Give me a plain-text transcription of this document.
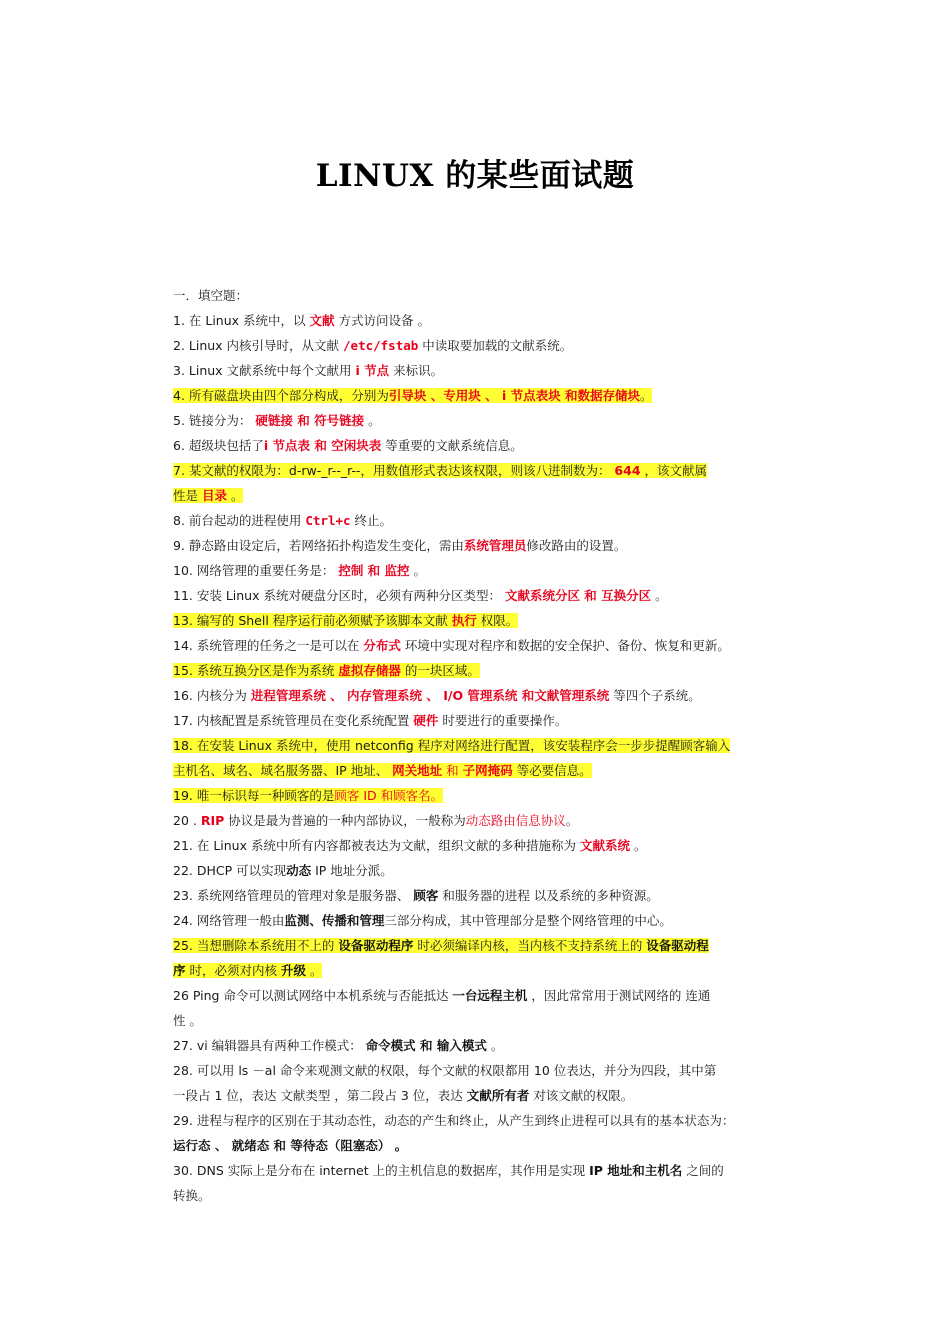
LINUX 的某些面试题
一．填空题：
1. 在 Linux 系统中，以 文献 方式访问设备 。
2. Linux 内核引导时，从文献 /etc/fstab 中读取要加载的文献系统。
3. Linux 文献系统中每个文献用 i 节点 来标识。
4. 所有磁盘块由四个部分构成，分别为引导块 、专用块 、 i 节点表块 和数据存储块。
5. 链接分为： 硬链接 和 符号链接 。
6. 超级块包括了i 节点表 和 空闲块表 等重要的文献系统信息。
7. 某文献的权限为：d-rw-_r--_r--，用数值形式表达该权限，则该八进制数为： 644 ，该文献属
性是 目录 。
8. 前台起动的进程使用 Ctrl+c 终止。
9. 静态路由设定后，若网络拓扑构造发生变化，需由系统管理员修改路由的设置。
10. 网络管理的重要任务是： 控制 和 监控 。
11. 安装 Linux 系统对硬盘分区时，必须有两种分区类型： 文献系统分区 和 互换分区 。
13. 编写的 Shell 程序运行前必须赋予该脚本文献 执行 权限。
14. 系统管理的任务之一是可以在 分布式 环境中实现对程序和数据的安全保护、备份、恢复和更新。
15. 系统互换分区是作为系统 虚拟存储器 的一块区域。
16. 内核分为 进程管理系统 、 内存管理系统 、 I/O 管理系统 和文献管理系统 等四个子系统。
17. 内核配置是系统管理员在变化系统配置 硬件 时要进行的重要操作。
18. 在安装 Linux 系统中，使用 netconfig 程序对网络进行配置，该安装程序会一步步提醒顾客输入
主机名、域名、域名服务器、IP 地址、 网关地址 和 子网掩码 等必要信息。
19. 唯一标识每一种顾客的是顾客 ID 和顾客名。
20 . RIP 协议是最为普遍的一种内部协议，一般称为动态路由信息协议。
21. 在 Linux 系统中所有内容都被表达为文献，组织文献的多种措施称为 文献系统 。
22. DHCP 可以实现动态 IP 地址分派。
23. 系统网络管理员的管理对象是服务器、 顾客 和服务器的进程 以及系统的多种资源。
24. 网络管理一般由监测、传播和管理三部分构成，其中管理部分是整个网络管理的中心。
25. 当想删除本系统用不上的 设备驱动程序 时必须编译内核，当内核不支持系统上的 设备驱动程
序 时，必须对内核 升级 。
26 Ping 命令可以测试网络中本机系统与否能抵达 一台远程主机 ，因此常常用于测试网络的 连通
性 。
27. vi 编辑器具有两种工作模式： 命令模式 和 输入模式 。
28. 可以用 ls －al 命令来观测文献的权限，每个文献的权限都用 10 位表达，并分为四段，其中第
一段占 1 位，表达 文献类型 ，第二段占 3 位，表达 文献所有者 对该文献的权限。
29. 进程与程序的区别在于其动态性，动态的产生和终止，从产生到终止进程可以具有的基本状态为：
运行态 、 就绪态 和 等待态（阻塞态） 。
30. DNS 实际上是分布在 internet 上的主机信息的数据库，其作用是实现 IP 地址和主机名 之间的
转换。
